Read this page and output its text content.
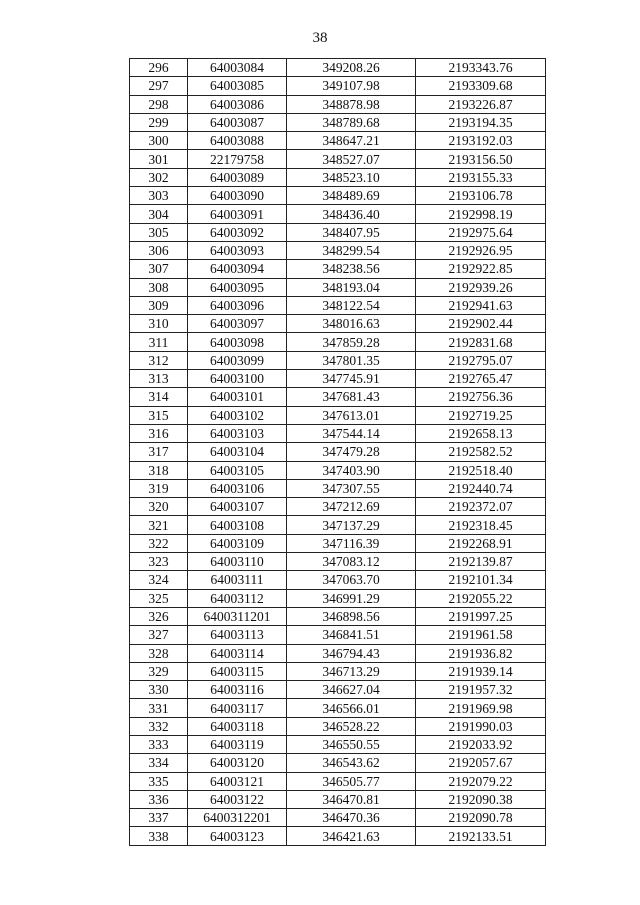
38
296	64003084	349208.26	2193343.76
297	64003085	349107.98	2193309.68
298	64003086	348878.98	2193226.87
299	64003087	348789.68	2193194.35
300	64003088	348647.21	2193192.03
301	22179758	348527.07	2193156.50
302	64003089	348523.10	2193155.33
303	64003090	348489.69	2193106.78
304	64003091	348436.40	2192998.19
305	64003092	348407.95	2192975.64
306	64003093	348299.54	2192926.95
307	64003094	348238.56	2192922.85
308	64003095	348193.04	2192939.26
309	64003096	348122.54	2192941.63
310	64003097	348016.63	2192902.44
311	64003098	347859.28	2192831.68
312	64003099	347801.35	2192795.07
313	64003100	347745.91	2192765.47
314	64003101	347681.43	2192756.36
315	64003102	347613.01	2192719.25
316	64003103	347544.14	2192658.13
317	64003104	347479.28	2192582.52
318	64003105	347403.90	2192518.40
319	64003106	347307.55	2192440.74
320	64003107	347212.69	2192372.07
321	64003108	347137.29	2192318.45
322	64003109	347116.39	2192268.91
323	64003110	347083.12	2192139.87
324	64003111	347063.70	2192101.34
325	64003112	346991.29	2192055.22
326	6400311201	346898.56	2191997.25
327	64003113	346841.51	2191961.58
328	64003114	346794.43	2191936.82
329	64003115	346713.29	2191939.14
330	64003116	346627.04	2191957.32
331	64003117	346566.01	2191969.98
332	64003118	346528.22	2191990.03
333	64003119	346550.55	2192033.92
334	64003120	346543.62	2192057.67
335	64003121	346505.77	2192079.22
336	64003122	346470.81	2192090.38
337	6400312201	346470.36	2192090.78
338	64003123	346421.63	2192133.51
